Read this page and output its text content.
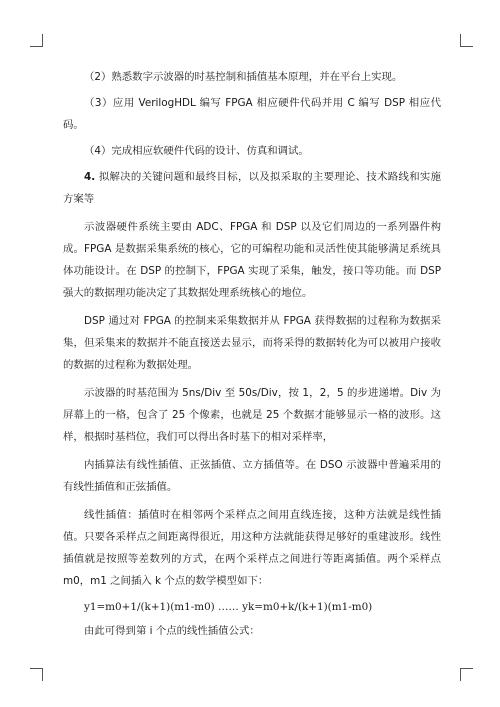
（2）熟悉数字示波器的时基控制和插值基本原理，并在平台上实现。

（3）应用 VerilogHDL 编写 FPGA 相应硬件代码并用 C 编写 DSP 相应代码。

（4）完成相应软硬件代码的设计、仿真和调试。

4. 拟解决的关键问题和最终目标，以及拟采取的主要理论、技术路线和实施方案等

示波器硬件系统主要由 ADC、FPGA 和 DSP 以及它们周边的一系列器件构成。FPGA 是数据采集系统的核心，它的可编程功能和灵活性使其能够满足系统具体功能设计。在 DSP 的控制下，FPGA 实现了采集，触发，接口等功能。而 DSP 强大的数据理功能决定了其数据处理系统核心的地位。

DSP 通过对 FPGA 的控制来采集数据并从 FPGA 获得数据的过程称为数据采集，但采集来的数据并不能直接送去显示，而将采得的数据转化为可以被用户接收的数据的过程称为数据处理。

示波器的时基范围为 5ns/Div 至 50s/Div，按 1，2，5 的步进递增。Div 为屏幕上的一格，包含了 25 个像素，也就是 25 个数据才能够显示一格的波形。这样，根据时基档位，我们可以得出各时基下的相对采样率，

内插算法有线性插值、正弦插值、立方插值等。在 DSO 示波器中普遍采用的有线性插值和正弦插值。

线性插值：插值时在相邻两个采样点之间用直线连接，这种方法就是线性插值。只要各采样点之间距离得很近，用这种方法就能获得足够好的重建波形。线性插值就是按照等差数列的方式，在两个采样点之间进行等距离插值。两个采样点 m0，m1 之间插入 k 个点的数学模型如下：

y1=m0+1/(k+1)(m1-m0) …… yk=m0+k/(k+1)(m1-m0)

由此可得到第 i 个点的线性插值公式：
